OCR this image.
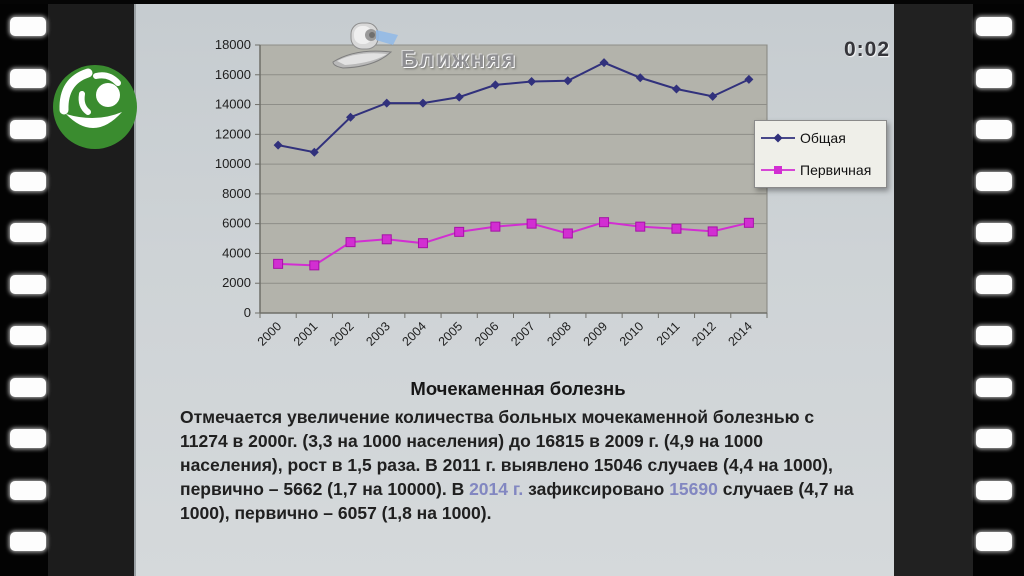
0
2000
4000
6000
8000
10000
12000
14000
16000
18000
2000 2001 2002 2003 2004 2005 2006 2007 2008 2009 2010 2011 2012 2014
Общая
Первичная
Ближняя	0:02
Мочекаменная болезнь

Отмечается увеличение количества больных мочекаменной болезнью с 11274 в 2000г. (3,3 на 1000 населения) до 16815 в 2009 г. (4,9 на 1000 населения), рост в 1,5 раза. В 2011 г. выявлено 15046 случаев (4,4 на 1000), первично – 5662 (1,7 на 10000). В 2014 г. зафиксировано 15690 случаев (4,7 на 1000), первично – 6057 (1,8 на 1000).
